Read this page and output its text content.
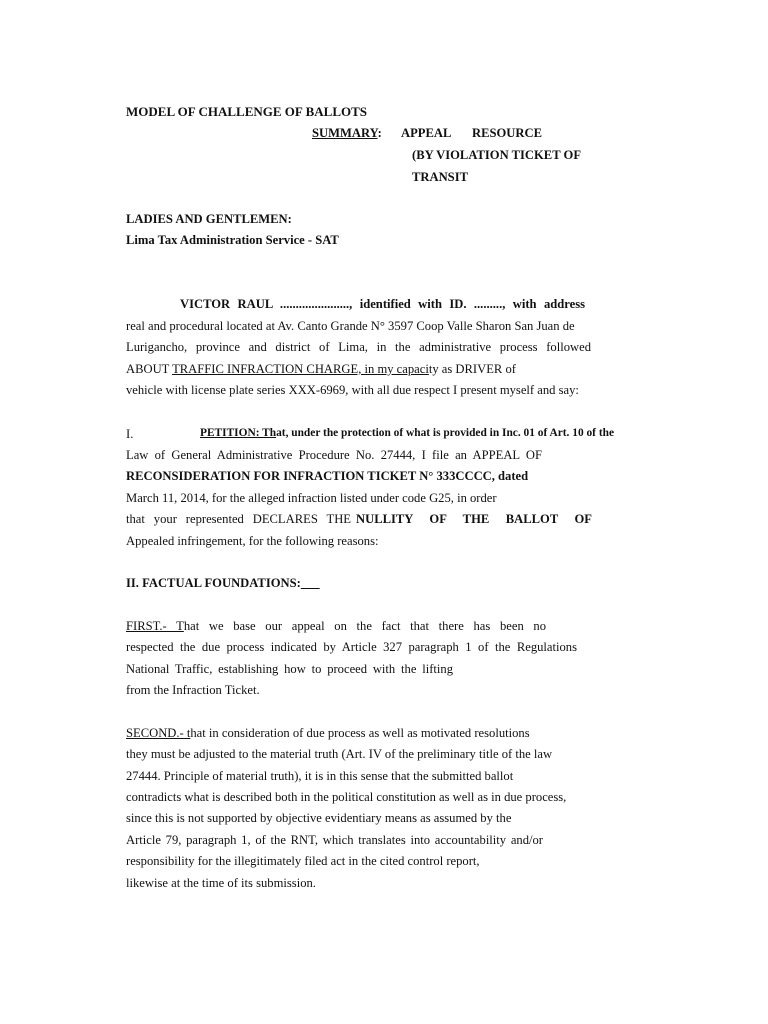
MODEL OF CHALLENGE OF BALLOTS
SUMMARY: APPEAL RESOURCE
(BY VIOLATION TICKET OF
TRANSIT
LADIES AND GENTLEMEN:
Lima Tax Administration Service - SAT
VICTOR RAUL ......................, identified with ID. ........., with address
real and procedural located at Av. Canto Grande N° 3597 Coop Valle Sharon San Juan de
Lurigancho, province and district of Lima, in the administrative process followed
ABOUT TRAFFIC INFRACTION CHARGE, in my capacity as DRIVER of
vehicle with license plate series XXX-6969, with all due respect I present myself and say:
I.	PETITION: That, under the protection of what is provided in Inc. 01 of Art. 10 of the
Law of General Administrative Procedure No. 27444, I file an APPEAL OF
RECONSIDERATION FOR INFRACTION TICKET N° 333CCCC, dated
March 11, 2014, for the alleged infraction listed under code G25, in order
that your represented DECLARES THE NULLITY OF THE BALLOT OF
Appealed infringement, for the following reasons:
II. FACTUAL FOUNDATIONS:
FIRST.- That we base our appeal on the fact that there has been no
respected the due process indicated by Article 327 paragraph 1 of the Regulations
National Traffic, establishing how to proceed with the lifting
from the Infraction Ticket.
SECOND.- that in consideration of due process as well as motivated resolutions
they must be adjusted to the material truth (Art. IV of the preliminary title of the law
27444. Principle of material truth), it is in this sense that the submitted ballot
contradicts what is described both in the political constitution as well as in due process,
since this is not supported by objective evidentiary means as assumed by the
Article 79, paragraph 1, of the RNT, which translates into accountability and/or
responsibility for the illegitimately filed act in the cited control report,
likewise at the time of its submission.
